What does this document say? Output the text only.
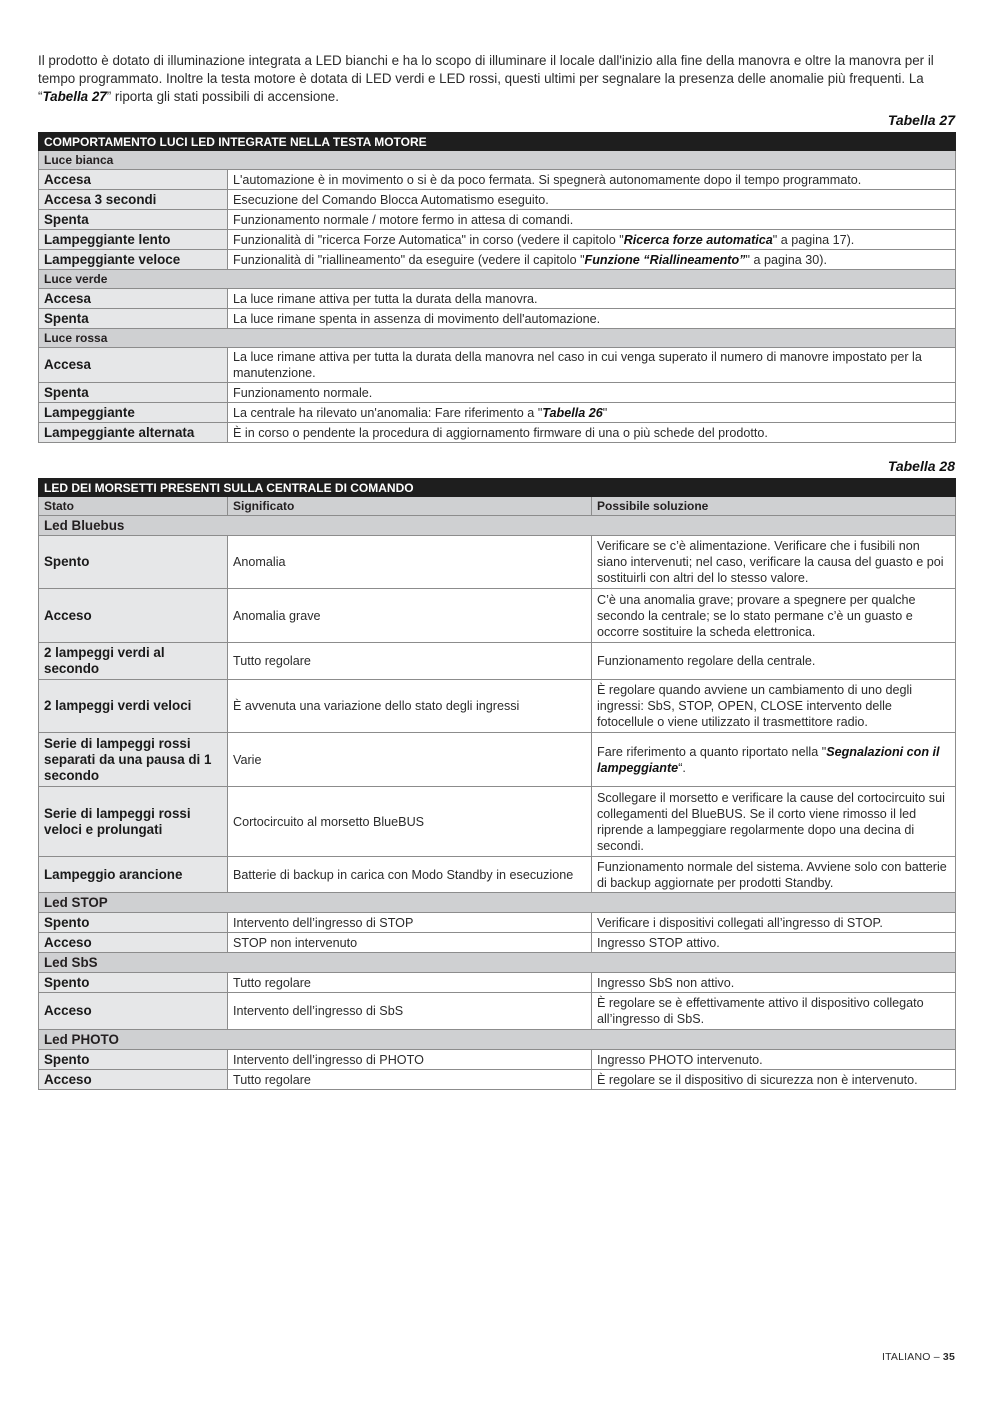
Il prodotto è dotato di illuminazione integrata a LED bianchi e ha lo scopo di illuminare il locale dall'inizio alla fine della manovra e oltre la manovra per il tempo programmato. Inoltre la testa motore è dotata di LED verdi e LED rossi, questi ultimi per segnalare la presenza delle anomalie più frequenti. La “Tabella 27” riporta gli stati possibili di accensione.

Tabella 27
COMPORTAMENTO LUCI LED INTEGRATE NELLA TESTA MOTORE	
Luce bianca	
Accesa	L'automazione è in movimento o si è da poco fermata. Si spegnerà autonomamente dopo il tempo programmato.
Accesa 3 secondi	Esecuzione del Comando Blocca Automatismo eseguito.
Spenta	Funzionamento normale / motore fermo in attesa di comandi.
Lampeggiante lento	Funzionalità di "ricerca Forze Automatica" in corso (vedere il capitolo "Ricerca forze automatica" a pagina 17).
Lampeggiante veloce	Funzionalità di "riallineamento" da eseguire (vedere il capitolo "Funzione “Riallineamento”" a pagina 30).
Luce verde	
Accesa	La luce rimane attiva per tutta la durata della manovra.
Spenta	La luce rimane spenta in assenza di movimento dell'automazione.
Luce rossa	
Accesa	La luce rimane attiva per tutta la durata della manovra nel caso in cui venga superato il numero di manovre impostato per la manutenzione.
Spenta	Funzionamento normale.
Lampeggiante	La centrale ha rilevato un'anomalia: Fare riferimento a "Tabella 26"
Lampeggiante alternata	È in corso o pendente la procedura di aggiornamento firmware di una o più schede del prodotto.
Tabella 28
LED DEI MORSETTI PRESENTI SULLA CENTRALE DI COMANDO		
Stato	Significato	Possibile soluzione
Led Bluebus		
Spento	Anomalia	Verificare se c’è alimentazione. Verificare che i fusibili non siano intervenuti; nel caso, verificare la causa del guasto e poi sostituirli con altri del lo stesso valore.
Acceso	Anomalia grave	C’è una anomalia grave; provare a spegnere per qualche secondo la centrale; se lo stato permane c’è un guasto e occorre sostituire la scheda elettronica.
2 lampeggi verdi al secondo	Tutto regolare	Funzionamento regolare della centrale.
2 lampeggi verdi veloci	È avvenuta una variazione dello stato degli ingressi	È regolare quando avviene un cambiamento di uno degli ingressi: SbS, STOP, OPEN, CLOSE intervento delle fotocellule o viene utilizzato il trasmettitore radio.
Serie di lampeggi rossi separati da una pausa di 1 secondo	Varie	Fare riferimento a quanto riportato nella "Segnalazioni con il lampeggiante“.
Serie di lampeggi rossi veloci e prolungati	Cortocircuito al morsetto BlueBUS	Scollegare il morsetto e verificare la cause del cortocircuito sui collegamenti del BlueBUS. Se il corto viene rimosso il led riprende a lampeggiare regolarmente dopo una decina di secondi.
Lampeggio arancione	Batterie di backup in carica con Modo Standby in esecuzione	Funzionamento normale del sistema. Avviene solo con batterie di backup aggiornate per prodotti Standby.
Led STOP		
Spento	Intervento dell’ingresso di STOP	Verificare i dispositivi collegati all’ingresso di STOP.
Acceso	STOP non intervenuto	Ingresso STOP attivo.
Led SbS		
Spento	Tutto regolare	Ingresso SbS non attivo.
Acceso	Intervento dell’ingresso di SbS	È regolare se è effettivamente attivo il dispositivo collegato all’ingresso di SbS.
Led PHOTO		
Spento	Intervento dell’ingresso di PHOTO	Ingresso PHOTO intervenuto.
Acceso	Tutto regolare	È regolare se il dispositivo di sicurezza non è intervenuto.
ITALIANO – 35
